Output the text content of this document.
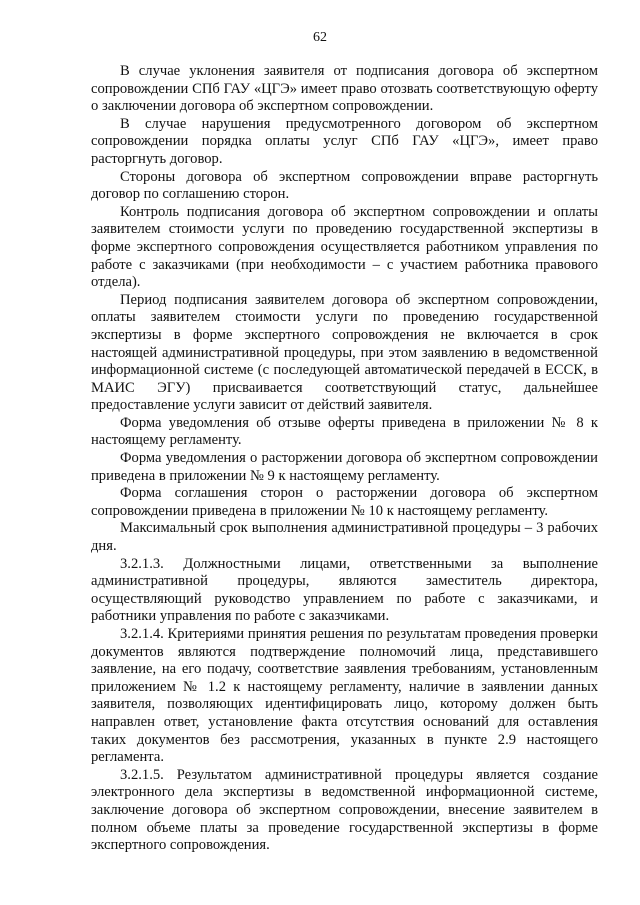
62

В случае уклонения заявителя от подписания договора об экспертном сопровождении СПб ГАУ «ЦГЭ» имеет право отозвать соответствующую оферту о заключении договора об экспертном сопровождении.

В случае нарушения предусмотренного договором об экспертном сопровождении порядка оплаты услуг СПб ГАУ «ЦГЭ», имеет право расторгнуть договор.

Стороны договора об экспертном сопровождении вправе расторгнуть договор по соглашению сторон.

Контроль подписания договора об экспертном сопровождении и оплаты заявителем стоимости услуги по проведению государственной экспертизы в форме экспертного сопровождения осуществляется работником управления по работе с заказчиками (при необходимости – с участием работника правового отдела).

Период подписания заявителем договора об экспертном сопровождении, оплаты заявителем стоимости услуги по проведению государственной экспертизы в форме экспертного сопровождения не включается в срок настоящей административной процедуры, при этом заявлению в ведомственной информационной системе (с последующей автоматической передачей в ЕССК, в МАИС ЭГУ) присваивается соответствующий статус, дальнейшее предоставление услуги зависит от действий заявителя.

Форма уведомления об отзыве оферты приведена в приложении № 8 к настоящему регламенту.

Форма уведомления о расторжении договора об экспертном сопровождении приведена в приложении № 9 к настоящему регламенту.

Форма соглашения сторон о расторжении договора об экспертном сопровождении приведена в приложении № 10 к настоящему регламенту.

Максимальный срок выполнения административной процедуры – 3 рабочих дня.

3.2.1.3. Должностными лицами, ответственными за выполнение административной процедуры, являются заместитель директора, осуществляющий руководство управлением по работе с заказчиками, и работники управления по работе с заказчиками.

3.2.1.4. Критериями принятия решения по результатам проведения проверки документов являются подтверждение полномочий лица, представившего заявление, на его подачу, соответствие заявления требованиям, установленным приложением № 1.2 к настоящему регламенту, наличие в заявлении данных заявителя, позволяющих идентифицировать лицо, которому должен быть направлен ответ, установление факта отсутствия оснований для оставления таких документов без рассмотрения, указанных в пункте 2.9 настоящего регламента.

3.2.1.5. Результатом административной процедуры является создание электронного дела экспертизы в ведомственной информационной системе, заключение договора об экспертном сопровождении, внесение заявителем в полном объеме платы за проведение государственной экспертизы в форме экспертного сопровождения.
